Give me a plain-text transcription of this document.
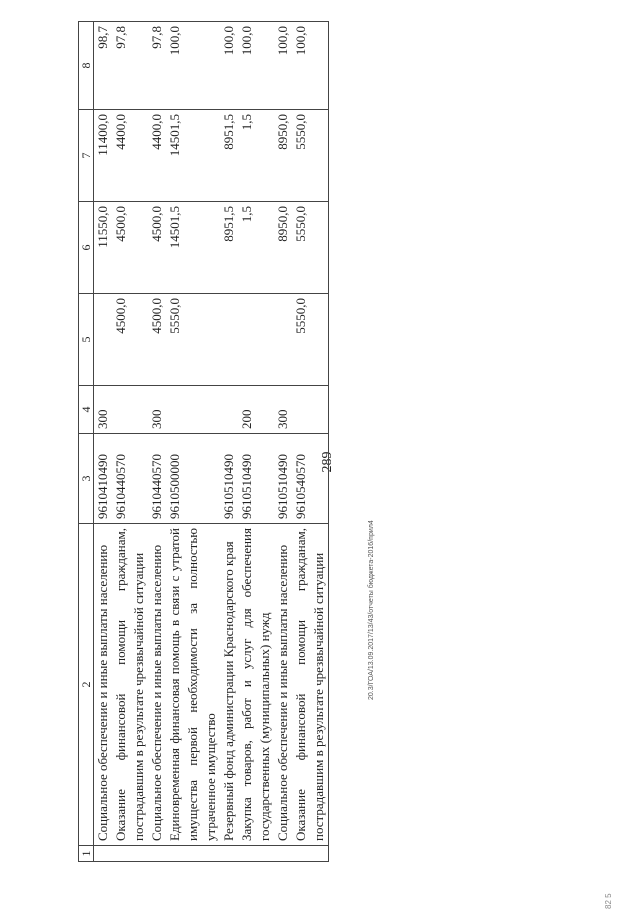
289
1	2	3	4	5	6	7	8
	Социальное обеспечение и иные выплаты населению	9610410490	300		11550,0	11400,0	98,7
	Оказание финансовой помощи гражданам, пострадавшим в результате чрезвычайной ситуации	9610440570		4500,0	4500,0	4400,0	97,8
	Социальное обеспечение и иные выплаты населению	9610440570	300	4500,0	4500,0	4400,0	97,8
	Единовременная финансовая помощь в связи с утратой имущества первой необходимости за полностью утраченное имущество	9610500000		5550,0	14501,5	14501,5	100,0
	Резервный фонд администрации Краснодарского края	9610510490			8951,5	8951,5	100,0
	Закупка товаров, работ и услуг для обеспечения государственных (муниципальных) нужд	9610510490	200		1,5	1,5	100,0
	Социальное обеспечение и иные выплаты населению	9610510490	300		8950,0	8950,0	100,0
	Оказание финансовой помощи гражданам, пострадавшим в результате чрезвычайной ситуации	9610540570		5550,0	5550,0	5550,0	100,0
20.3/ГОА/13.09.2017/13/43/отчеты бюджета-2016/прил4
82 5
